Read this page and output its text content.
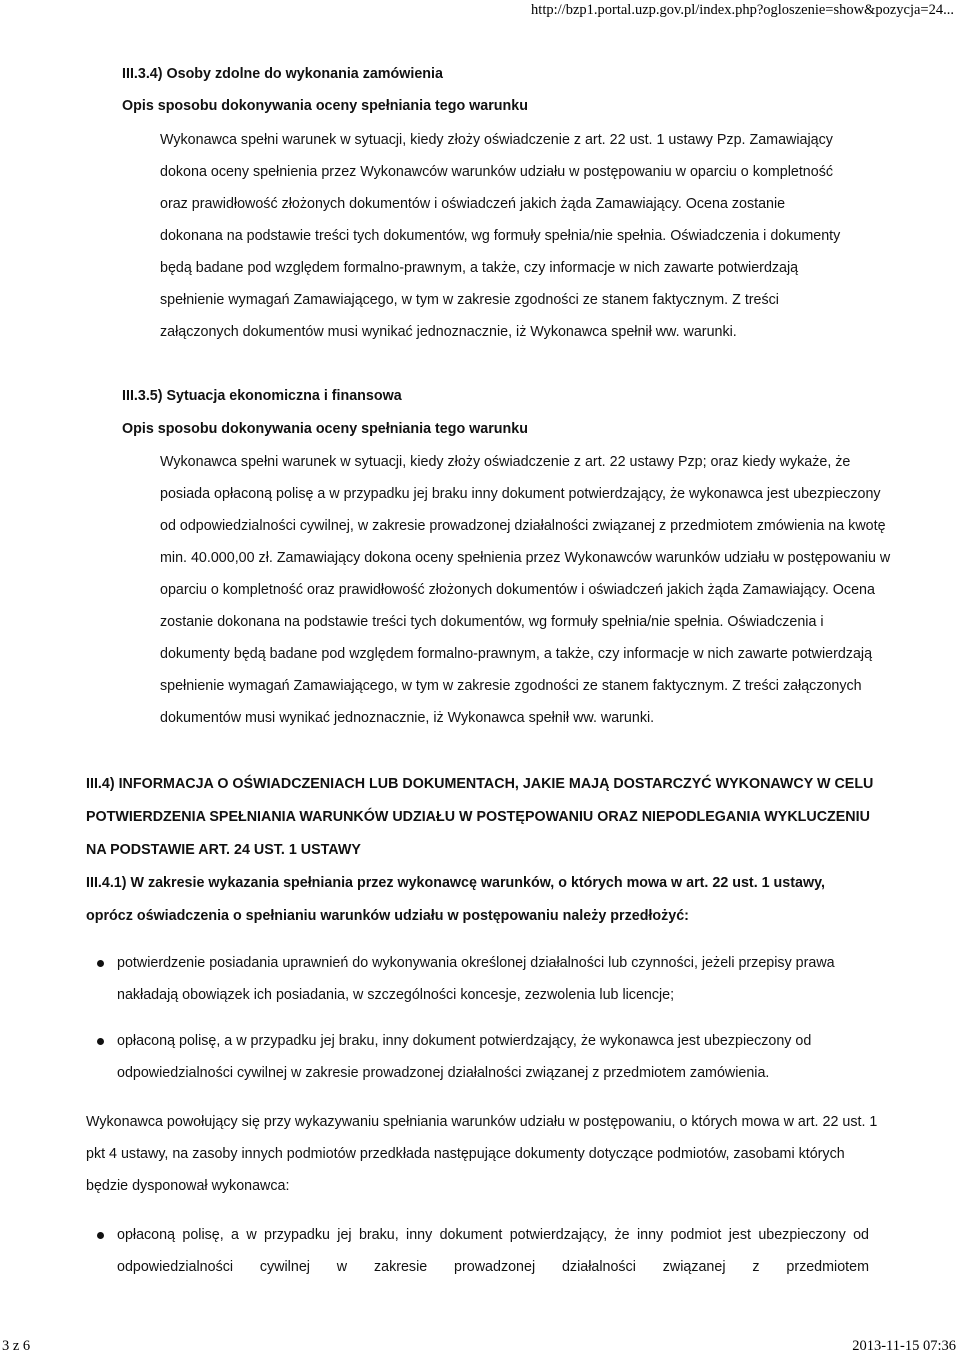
http://bzp1.portal.uzp.gov.pl/index.php?ogloszenie=show&pozycja=24...
III.3.4) Osoby zdolne do wykonania zamówienia
Opis sposobu dokonywania oceny spełniania tego warunku

Wykonawca spełni warunek w sytuacji, kiedy złoży oświadczenie z art. 22 ust. 1 ustawy Pzp. Zamawiający dokona oceny spełnienia przez Wykonawców warunków udziału w postępowaniu w oparciu o kompletność oraz prawidłowość złożonych dokumentów i oświadczeń jakich żąda Zamawiający. Ocena zostanie dokonana na podstawie treści tych dokumentów, wg formuły spełnia/nie spełnia. Oświadczenia i dokumenty będą badane pod względem formalno-prawnym, a także, czy informacje w nich zawarte potwierdzają spełnienie wymagań Zamawiającego, w tym w zakresie zgodności ze stanem faktycznym. Z treści załączonych dokumentów musi wynikać jednoznacznie, iż Wykonawca spełnił ww. warunki.

III.3.5) Sytuacja ekonomiczna i finansowa
Opis sposobu dokonywania oceny spełniania tego warunku

Wykonawca spełni warunek w sytuacji, kiedy złoży oświadczenie z art. 22 ustawy Pzp; oraz kiedy wykaże, że posiada opłaconą polisę a w przypadku jej braku inny dokument potwierdzający, że wykonawca jest ubezpieczony od odpowiedzialności cywilnej, w zakresie prowadzonej działalności związanej z przedmiotem zmówienia na kwotę min. 40.000,00 zł. Zamawiający dokona oceny spełnienia przez Wykonawców warunków udziału w postępowaniu w oparciu o kompletność oraz prawidłowość złożonych dokumentów i oświadczeń jakich żąda Zamawiający. Ocena zostanie dokonana na podstawie treści tych dokumentów, wg formuły spełnia/nie spełnia. Oświadczenia i dokumenty będą badane pod względem formalno-prawnym, a także, czy informacje w nich zawarte potwierdzają spełnienie wymagań Zamawiającego, w tym w zakresie zgodności ze stanem faktycznym. Z treści załączonych dokumentów musi wynikać jednoznacznie, iż Wykonawca spełnił ww. warunki.

III.4) INFORMACJA O OŚWIADCZENIACH LUB DOKUMENTACH, JAKIE MAJĄ DOSTARCZYĆ WYKONAWCY W CELU POTWIERDZENIA SPEŁNIANIA WARUNKÓW UDZIAŁU W POSTĘPOWANIU ORAZ NIEPODLEGANIA WYKLUCZENIU NA PODSTAWIE ART. 24 UST. 1 USTAWY
III.4.1) W zakresie wykazania spełniania przez wykonawcę warunków, o których mowa w art. 22 ust. 1 ustawy, oprócz oświadczenia o spełnianiu warunków udziału w postępowaniu należy przedłożyć:
potwierdzenie posiadania uprawnień do wykonywania określonej działalności lub czynności, jeżeli przepisy prawa nakładają obowiązek ich posiadania, w szczególności koncesje, zezwolenia lub licencje;
opłaconą polisę, a w przypadku jej braku, inny dokument potwierdzający, że wykonawca jest ubezpieczony od odpowiedzialności cywilnej w zakresie prowadzonej działalności związanej z przedmiotem zamówienia.

Wykonawca powołujący się przy wykazywaniu spełniania warunków udziału w postępowaniu, o których mowa w art. 22 ust. 1 pkt 4 ustawy, na zasoby innych podmiotów przedkłada następujące dokumenty dotyczące podmiotów, zasobami których będzie dysponował wykonawca:

opłaconą polisę, a w przypadku jej braku, inny dokument potwierdzający, że inny podmiot jest ubezpieczony od odpowiedzialności cywilnej w zakresie prowadzonej działalności związanej z przedmiotem
3 z 6	2013-11-15 07:36
